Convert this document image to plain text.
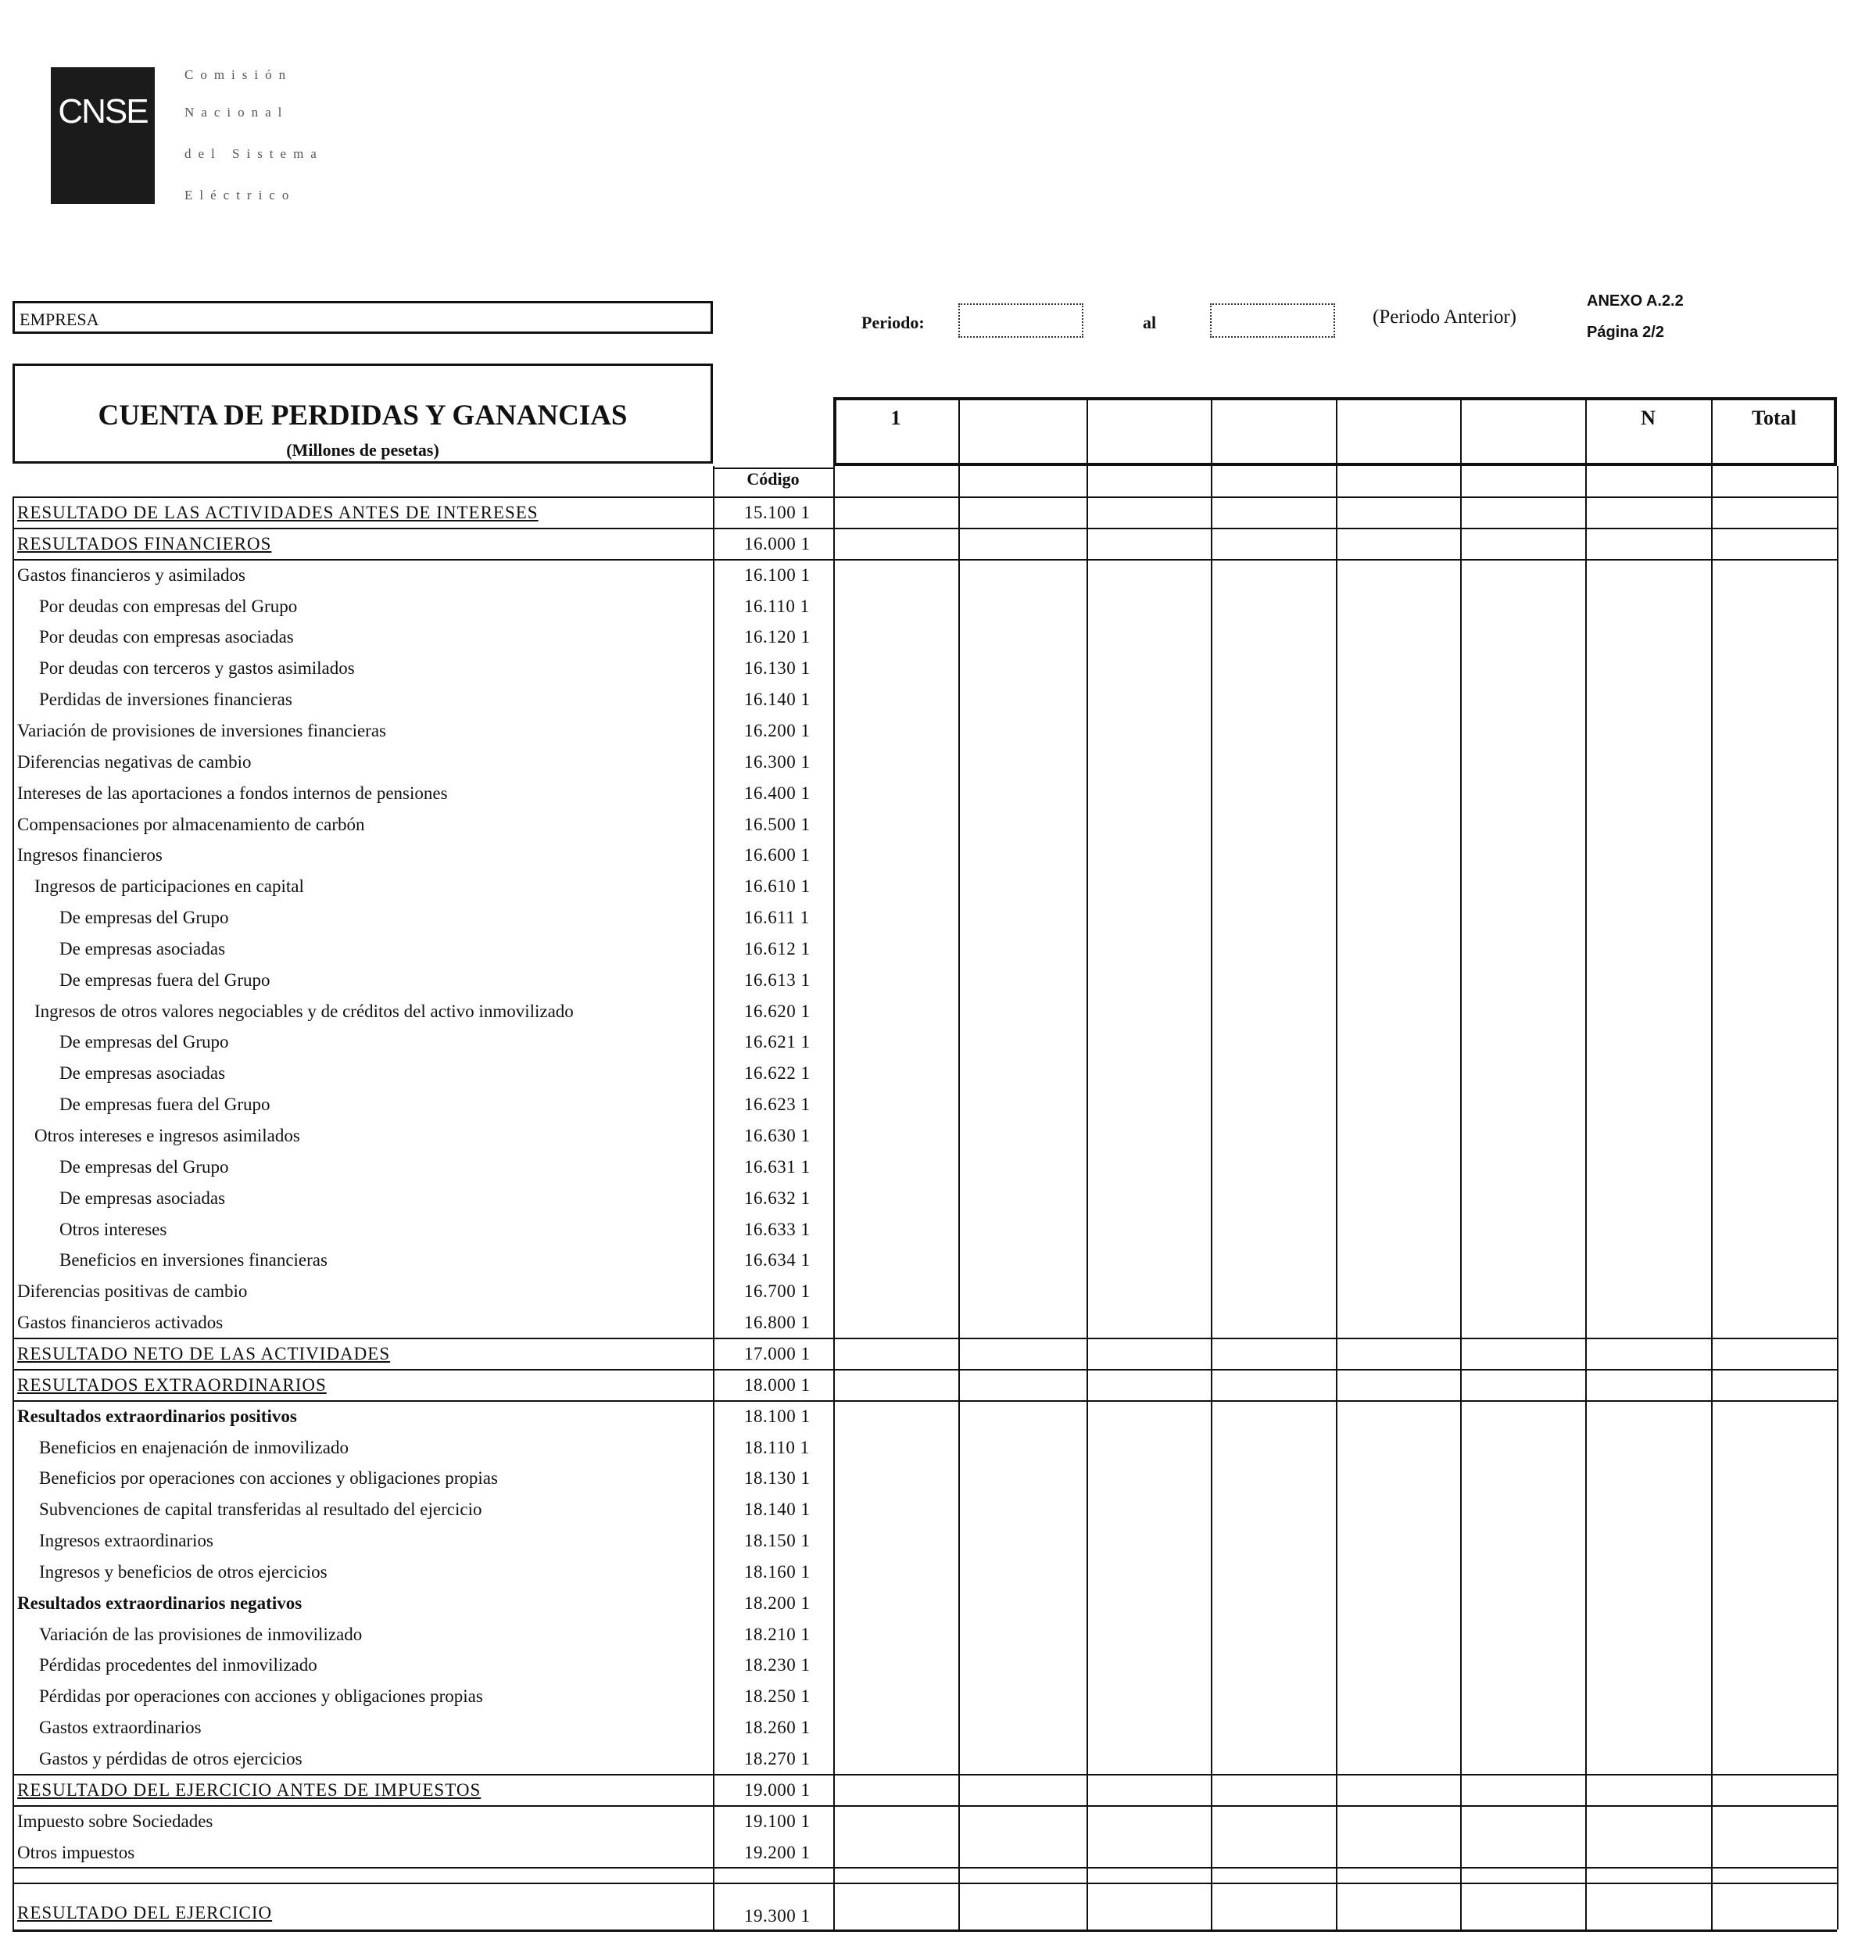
CNSE
Comisión
Nacional
del Sistema
Eléctrico
EMPRESA	Periodo:	al	(Periodo Anterior)
ANEXO A.2.2
Página 2/2
CUENTA DE PERDIDAS Y GANANCIAS
(Millones de pesetas)
1	N	Total
Código
RESULTADO DE LAS ACTIVIDADES ANTES DE INTERESES	15.100 1
RESULTADOS FINANCIEROS	16.000 1
Gastos financieros y asimilados	16.100 1
Por deudas con empresas del Grupo	16.110 1
Por deudas con empresas asociadas	16.120 1
Por deudas con terceros y gastos asimilados	16.130 1
Perdidas de inversiones financieras	16.140 1
Variación de provisiones de inversiones financieras	16.200 1
Diferencias negativas de cambio	16.300 1
Intereses de las aportaciones a fondos internos de pensiones	16.400 1
Compensaciones por almacenamiento de carbón	16.500 1
Ingresos financieros	16.600 1
Ingresos de participaciones en capital	16.610 1
De empresas del Grupo	16.611 1
De empresas asociadas	16.612 1
De empresas fuera del Grupo	16.613 1
Ingresos de otros valores negociables y de créditos del activo inmovilizado	16.620 1
De empresas del Grupo	16.621 1
De empresas asociadas	16.622 1
De empresas fuera del Grupo	16.623 1
Otros intereses e ingresos asimilados	16.630 1
De empresas del Grupo	16.631 1
De empresas asociadas	16.632 1
Otros intereses	16.633 1
Beneficios en inversiones financieras	16.634 1
Diferencias positivas de cambio	16.700 1
Gastos financieros activados	16.800 1
RESULTADO NETO DE LAS ACTIVIDADES	17.000 1
RESULTADOS EXTRAORDINARIOS	18.000 1
Resultados extraordinarios positivos	18.100 1
Beneficios en enajenación de inmovilizado	18.110 1
Beneficios por operaciones con acciones y obligaciones propias	18.130 1
Subvenciones de capital transferidas al resultado del ejercicio	18.140 1
Ingresos extraordinarios	18.150 1
Ingresos y beneficios de otros ejercicios	18.160 1
Resultados extraordinarios negativos	18.200 1
Variación de las provisiones de inmovilizado	18.210 1
Pérdidas procedentes del inmovilizado	18.230 1
Pérdidas por operaciones con acciones y obligaciones propias	18.250 1
Gastos extraordinarios	18.260 1
Gastos y pérdidas de otros ejercicios	18.270 1
RESULTADO DEL EJERCICIO ANTES DE IMPUESTOS	19.000 1
Impuesto sobre Sociedades	19.100 1
Otros impuestos	19.200 1
RESULTADO DEL EJERCICIO	19.300 1
